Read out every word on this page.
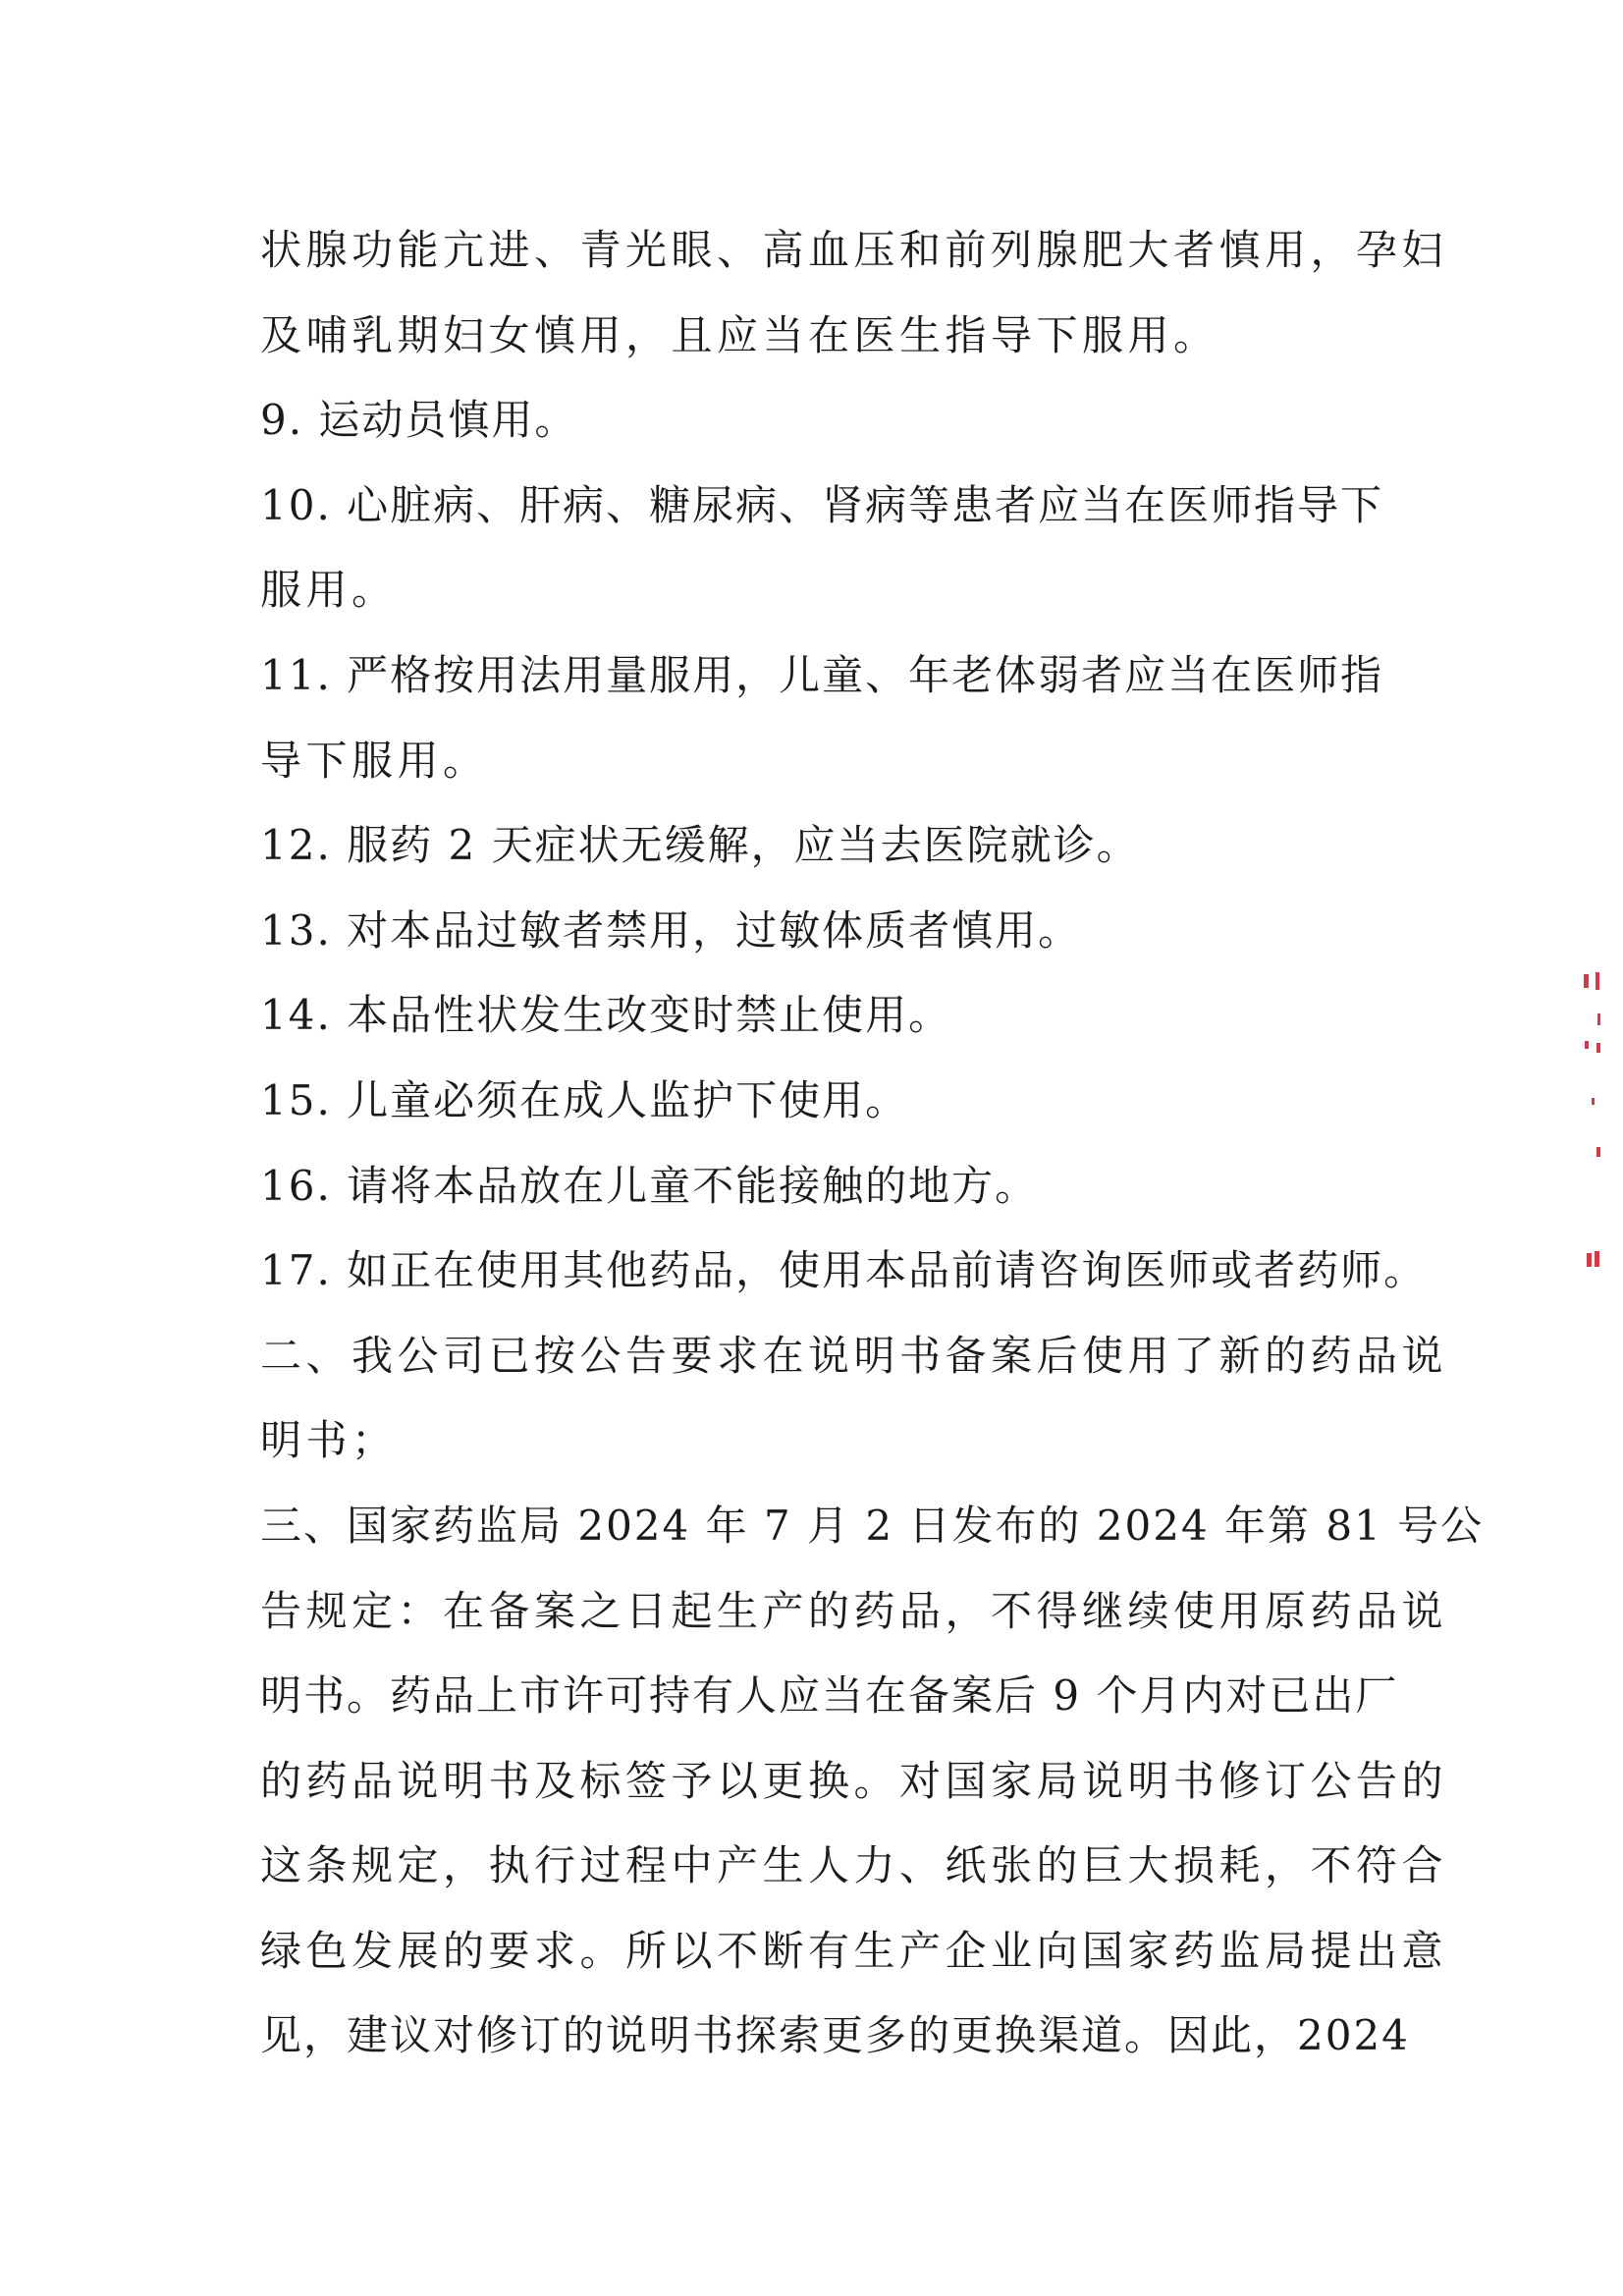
状腺功能亢进、青光眼、高血压和前列腺肥大者慎用，孕妇
及哺乳期妇女慎用，且应当在医生指导下服用。
9. 运动员慎用。
10. 心脏病、肝病、糖尿病、肾病等患者应当在医师指导下
服用。
11. 严格按用法用量服用，儿童、年老体弱者应当在医师指
导下服用。
12. 服药 2 天症状无缓解，应当去医院就诊。
13. 对本品过敏者禁用，过敏体质者慎用。
14. 本品性状发生改变时禁止使用。
15. 儿童必须在成人监护下使用。
16. 请将本品放在儿童不能接触的地方。
17. 如正在使用其他药品，使用本品前请咨询医师或者药师。
二、我公司已按公告要求在说明书备案后使用了新的药品说
明书；
三、国家药监局 2024 年 7 月 2 日发布的 2024 年第 81 号公
告规定：在备案之日起生产的药品，不得继续使用原药品说
明书。药品上市许可持有人应当在备案后 9 个月内对已出厂
的药品说明书及标签予以更换。对国家局说明书修订公告的
这条规定，执行过程中产生人力、纸张的巨大损耗，不符合
绿色发展的要求。所以不断有生产企业向国家药监局提出意
见，建议对修订的说明书探索更多的更换渠道。因此，2024
